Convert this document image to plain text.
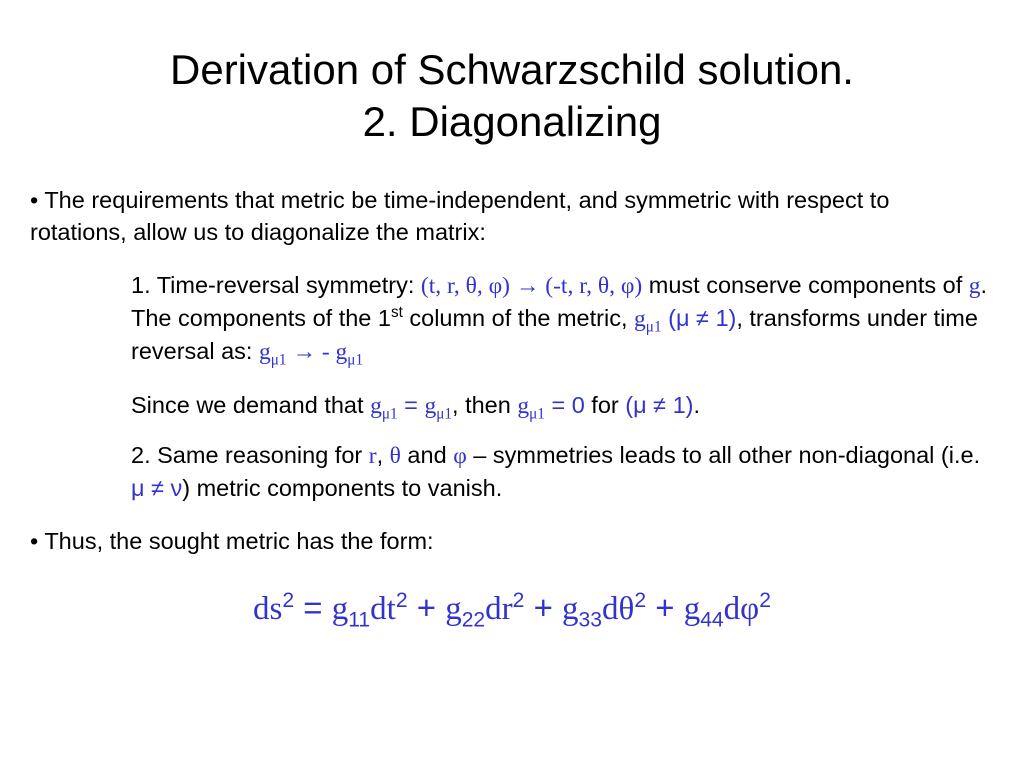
Derivation of Schwarzschild solution.
2. Diagonalizing
• The requirements that metric be time-independent, and symmetric with respect to rotations, allow us to diagonalize the matrix:
1. Time-reversal symmetry: (t, r, θ, φ) → (-t, r, θ, φ) must conserve components of g. The components of the 1st column of the metric, $g_{\mu 1}$ (μ ≠ 1), transforms under time reversal as: $g_{\mu 1}$ → - $g_{\mu 1}$
Since we demand that $g_{\mu 1} = g_{\mu 1}$, then $g_{\mu 1} = 0$ for (μ ≠ 1).
2. Same reasoning for r, θ and φ – symmetries leads to all other non-diagonal (i.e. μ ≠ ν) metric components to vanish.
• Thus, the sought metric has the form:
$ds^2 = g_{11}dt^2 + g_{22}dr^2 + g_{33}d\theta^2 + g_{44}d\varphi^2$
